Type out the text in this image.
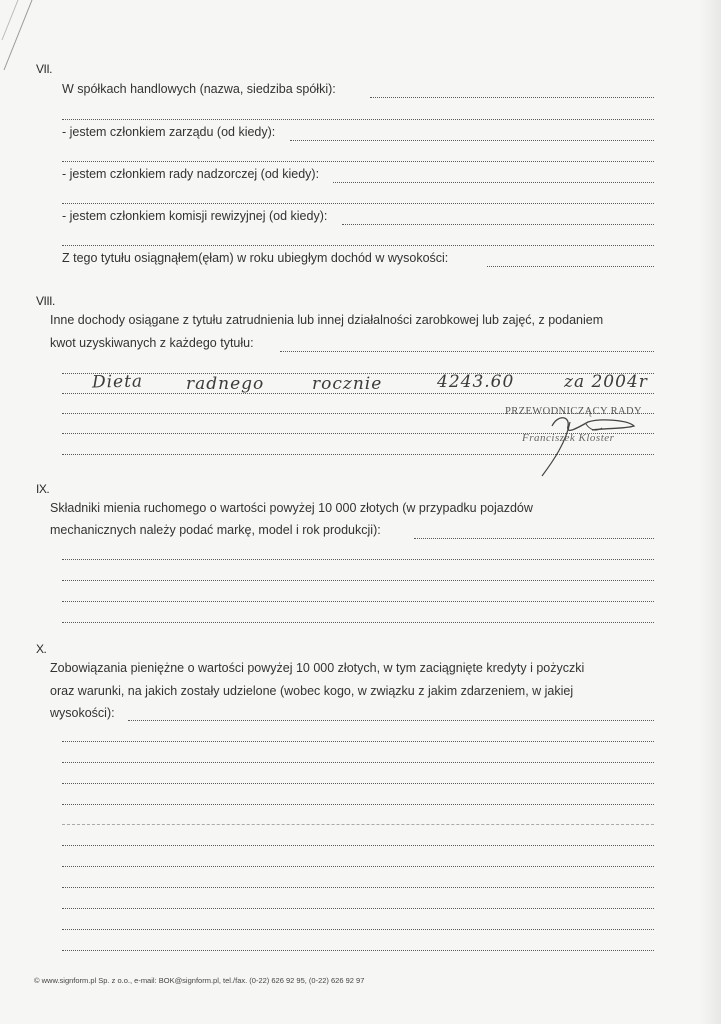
VII.
W spółkach handlowych (nazwa, siedziba spółki):
- jestem członkiem zarządu (od kiedy):
- jestem członkiem rady nadzorczej (od kiedy):
- jestem członkiem komisji rewizyjnej (od kiedy):
Z tego tytułu osiągnąłem(ęłam) w roku ubiegłym dochód w wysokości:
VIII.
Inne dochody osiągane z tytułu zatrudnienia lub innej działalności zarobkowej lub zajęć, z podaniem
kwot uzyskiwanych z każdego tytułu:
Dieta	radnego	rocznie	4243.60	za 2004r
PRZEWODNICZĄCY RADY
Franciszek Kloster
IX.
Składniki mienia ruchomego o wartości powyżej 10 000 złotych (w przypadku pojazdów
mechanicznych należy podać markę, model i rok produkcji):
X.
Zobowiązania pieniężne o wartości powyżej 10 000 złotych, w tym zaciągnięte kredyty i pożyczki
oraz warunki, na jakich zostały udzielone (wobec kogo, w związku z jakim zdarzeniem, w jakiej
wysokości):
© www.signform.pl Sp. z o.o., e-mail: BOK@signform.pl, tel./fax. (0-22) 626 92 95, (0-22) 626 92 97
